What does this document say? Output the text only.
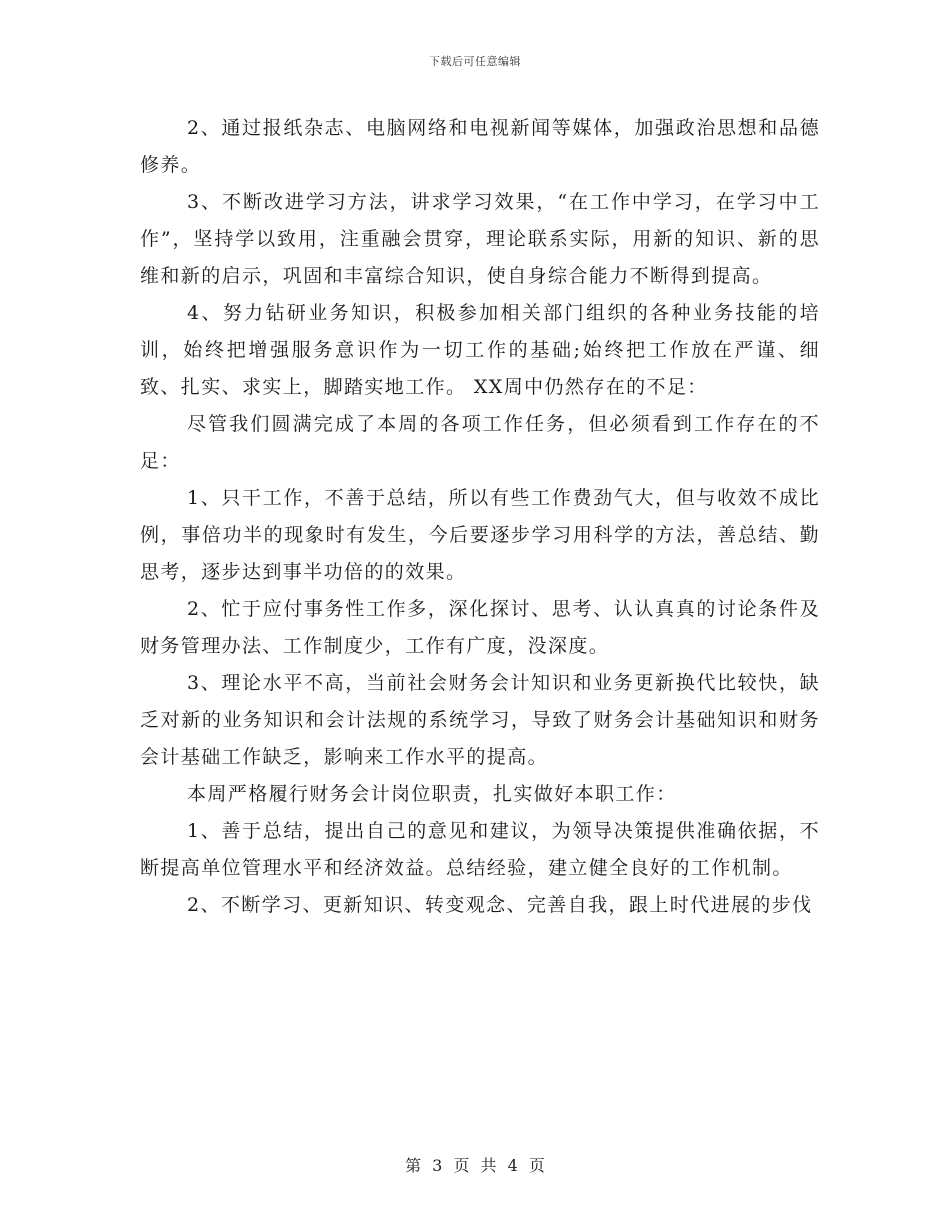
下载后可任意编辑

2、通过报纸杂志、电脑网络和电视新闻等媒体，加强政治思想和品德修养。

3、不断改进学习方法，讲求学习效果，“在工作中学习，在学习中工作”，坚持学以致用，注重融会贯穿，理论联系实际，用新的知识、新的思维和新的启示，巩固和丰富综合知识，使自身综合能力不断得到提高。

4、努力钻研业务知识，积极参加相关部门组织的各种业务技能的培训，始终把增强服务意识作为一切工作的基础;始终把工作放在严谨、细致、扎实、求实上，脚踏实地工作。 XX周中仍然存在的不足：

尽管我们圆满完成了本周的各项工作任务，但必须看到工作存在的不足：

1、只干工作，不善于总结，所以有些工作费劲气大，但与收效不成比例，事倍功半的现象时有发生，今后要逐步学习用科学的方法，善总结、勤思考，逐步达到事半功倍的的效果。

2、忙于应付事务性工作多，深化探讨、思考、认认真真的讨论条件及财务管理办法、工作制度少，工作有广度，没深度。

3、理论水平不高，当前社会财务会计知识和业务更新换代比较快，缺乏对新的业务知识和会计法规的系统学习，导致了财务会计基础知识和财务会计基础工作缺乏，影响来工作水平的提高。

本周严格履行财务会计岗位职责，扎实做好本职工作：

1、善于总结，提出自己的意见和建议，为领导决策提供准确依据，不断提高单位管理水平和经济效益。总结经验，建立健全良好的工作机制。

2、不断学习、更新知识、转变观念、完善自我，跟上时代进展的步伐

第 3 页 共 4 页
